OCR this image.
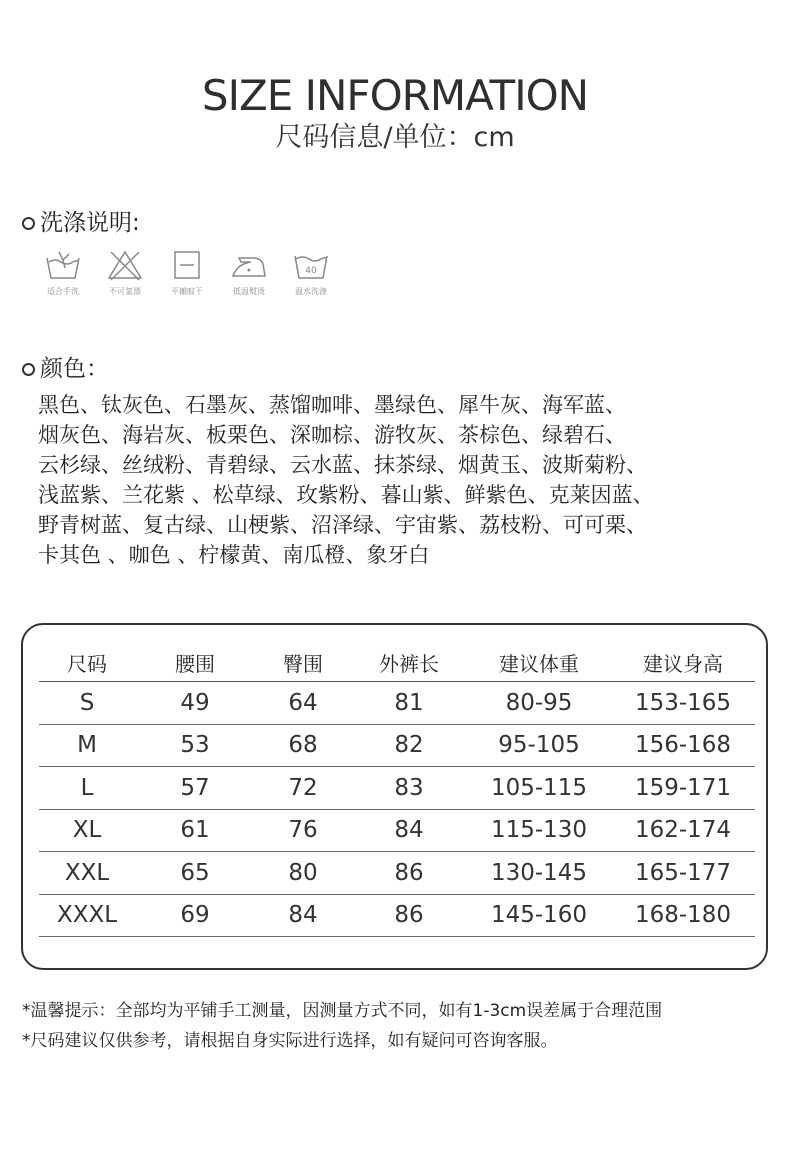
SIZE INFORMATION
尺码信息/单位：cm
洗涤说明:
适合手洗	不可氯漂	平摊晾干	低温熨烫
40
温水洗涤
颜色：
黑色、钛灰色、石墨灰、蒸馏咖啡、墨绿色、犀牛灰、海军蓝、
烟灰色、海岩灰、板栗色、深咖棕、游牧灰、茶棕色、绿碧石、
云杉绿、丝绒粉、青碧绿、云水蓝、抹茶绿、烟黄玉、波斯菊粉、
浅蓝紫、兰花紫 、松草绿、玫紫粉、暮山紫、鲜紫色、克莱因蓝、
野青树蓝、复古绿、山梗紫、沼泽绿、宇宙紫、荔枝粉、可可栗、
卡其色 、咖色 、柠檬黄、南瓜橙、象牙白
尺码	腰围	臀围	外裤长	建议体重	建议身高
S	49	64	81	80-95	153-165
M	53	68	82	95-105	156-168
L	57	72	83	105-115	159-171
XL	61	76	84	115-130	162-174
XXL	65	80	86	130-145	165-177
XXXL	69	84	86	145-160	168-180
*温馨提示：全部均为平铺手工测量，因测量方式不同，如有1-3cm误差属于合理范围
*尺码建议仅供参考，请根据自身实际进行选择，如有疑问可咨询客服。
